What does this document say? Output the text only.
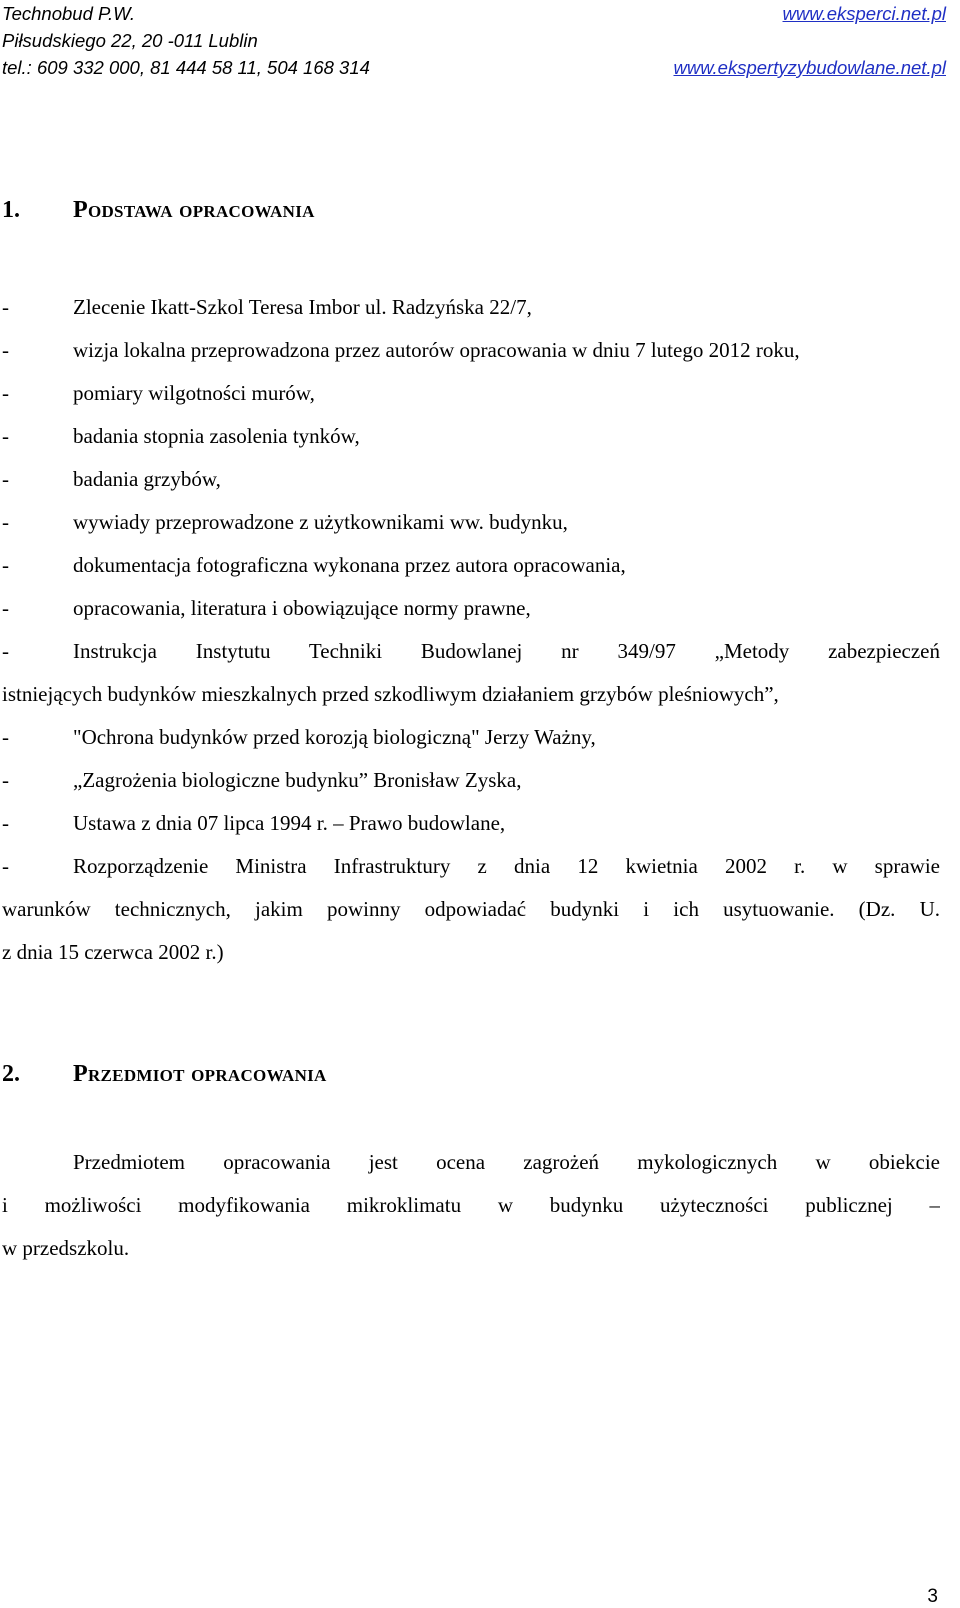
Technobud P.W.	www.eksperci.net.pl
Piłsudskiego 22, 20 -011 Lublin
tel.: 609 332 000, 81 444 58 11, 504 168 314	www.ekspertyzybudowlane.net.pl
1. Podstawa opracowania
-	Zlecenie Ikatt-Szkol Teresa Imbor ul. Radzyńska 22/7,
-	wizja lokalna przeprowadzona przez autorów opracowania w dniu 7 lutego 2012 roku,
-	pomiary wilgotności murów,
-	badania stopnia zasolenia tynków,
-	badania grzybów,
-	wywiady przeprowadzone z użytkownikami ww. budynku,
-	dokumentacja fotograficzna wykonana przez autora opracowania,
-	opracowania, literatura i obowiązujące normy prawne,
-	Instrukcja Instytutu Techniki Budowlanej nr 349/97 „Metody zabezpieczeń
istniejących budynków mieszkalnych przed szkodliwym działaniem grzybów pleśniowych”,
-	"Ochrona budynków przed korozją biologiczną" Jerzy Ważny,
-	„Zagrożenia biologiczne budynku” Bronisław Zyska,
-	Ustawa z dnia 07 lipca 1994 r. – Prawo budowlane,
-	Rozporządzenie Ministra Infrastruktury z dnia 12 kwietnia 2002 r. w sprawie
warunków technicznych, jakim powinny odpowiadać budynki i ich usytuowanie. (Dz. U.
z dnia 15 czerwca 2002 r.)
2. Przedmiot opracowania
Przedmiotem opracowania jest ocena zagrożeń mykologicznych w obiekcie
i możliwości modyfikowania mikroklimatu w budynku użyteczności publicznej –
w przedszkolu.
3
